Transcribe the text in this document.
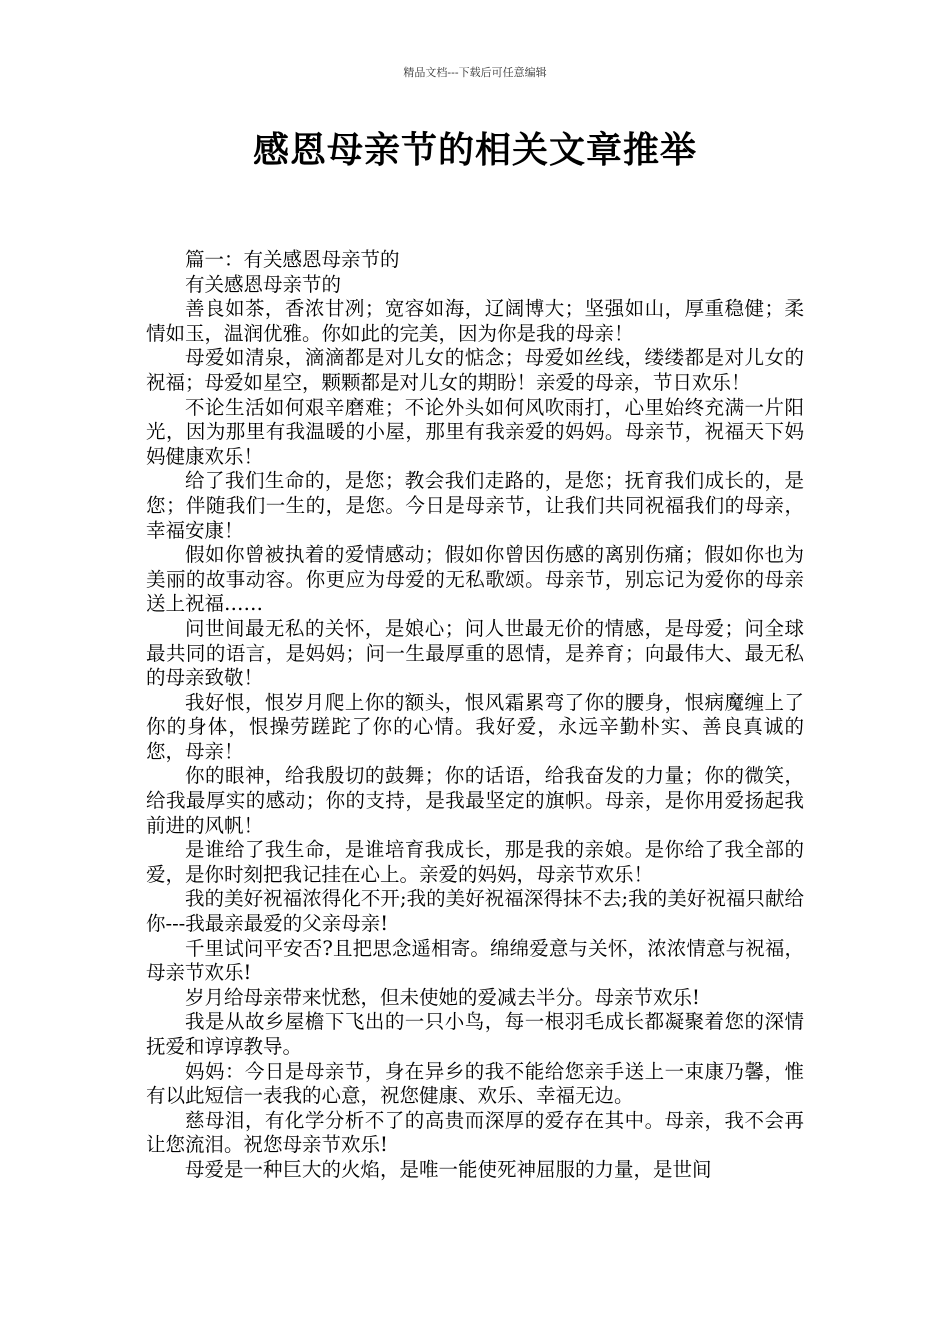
精品文档---下载后可任意编辑
感恩母亲节的相关文章推举

篇一：有关感恩母亲节的

有关感恩母亲节的

善良如茶，香浓甘冽；宽容如海，辽阔博大；坚强如山，厚重稳健；柔情如玉，温润优雅。你如此的完美，因为你是我的母亲！

母爱如清泉，滴滴都是对儿女的惦念；母爱如丝线，缕缕都是对儿女的祝福；母爱如星空，颗颗都是对儿女的期盼！亲爱的母亲，节日欢乐！

不论生活如何艰辛磨难；不论外头如何风吹雨打，心里始终充满一片阳光，因为那里有我温暖的小屋，那里有我亲爱的妈妈。母亲节，祝福天下妈妈健康欢乐！

给了我们生命的，是您；教会我们走路的，是您；抚育我们成长的，是您；伴随我们一生的，是您。今日是母亲节，让我们共同祝福我们的母亲，幸福安康！

假如你曾被执着的爱情感动；假如你曾因伤感的离别伤痛；假如你也为美丽的故事动容。你更应为母爱的无私歌颂。母亲节，别忘记为爱你的母亲送上祝福……

问世间最无私的关怀，是娘心；问人世最无价的情感，是母爱；问全球最共同的语言，是妈妈；问一生最厚重的恩情，是养育；向最伟大、最无私的母亲致敬！

我好恨，恨岁月爬上你的额头，恨风霜累弯了你的腰身，恨病魔缠上了你的身体，恨操劳蹉跎了你的心情。我好爱，永远辛勤朴实、善良真诚的您，母亲！

你的眼神，给我殷切的鼓舞；你的话语，给我奋发的力量；你的微笑，给我最厚实的感动；你的支持，是我最坚定的旗帜。母亲，是你用爱扬起我前进的风帆！

是谁给了我生命，是谁培育我成长，那是我的亲娘。是你给了我全部的爱，是你时刻把我记挂在心上。亲爱的妈妈，母亲节欢乐！

我的美好祝福浓得化不开;我的美好祝福深得抹不去;我的美好祝福只献给你---我最亲最爱的父亲母亲!

千里试问平安否?且把思念遥相寄。绵绵爱意与关怀，浓浓情意与祝福，母亲节欢乐!

岁月给母亲带来忧愁，但未使她的爱减去半分。母亲节欢乐!

我是从故乡屋檐下飞出的一只小鸟，每一根羽毛成长都凝聚着您的深情抚爱和谆谆教导。

妈妈：今日是母亲节，身在异乡的我不能给您亲手送上一束康乃馨，惟有以此短信一表我的心意，祝您健康、欢乐、幸福无边。

慈母泪，有化学分析不了的高贵而深厚的爱存在其中。母亲，我不会再让您流泪。祝您母亲节欢乐!

母爱是一种巨大的火焰，是唯一能使死神屈服的力量，是世间
